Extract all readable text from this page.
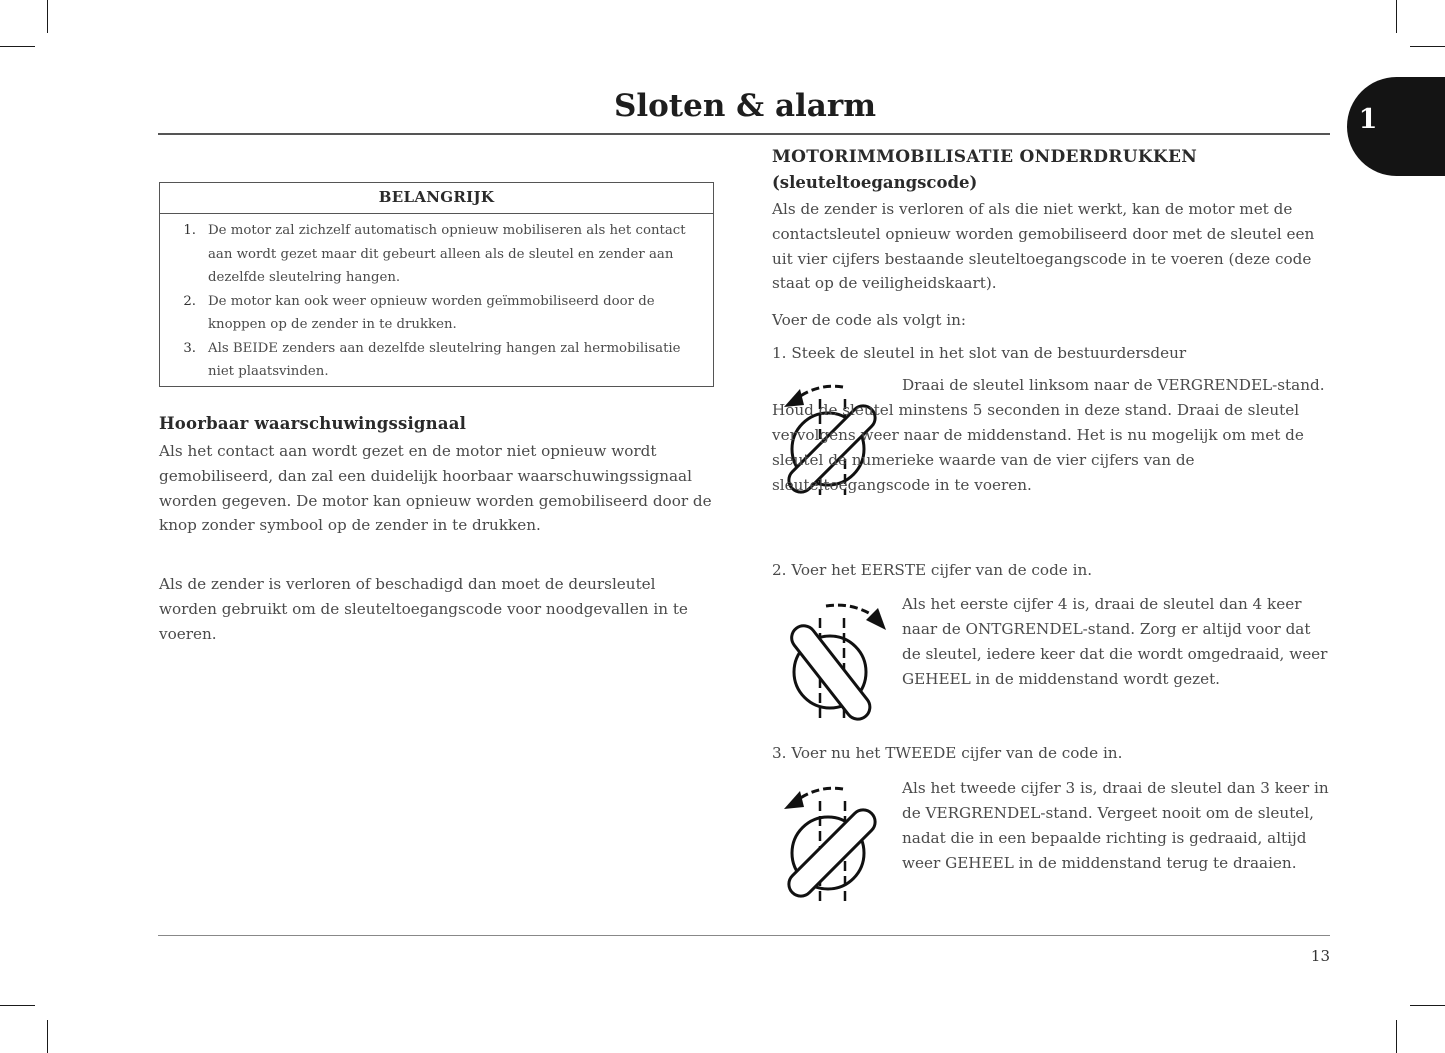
Sloten & alarm	1
BELANGRIJK
1. De motor zal zichzelf automatisch opnieuw mobiliseren als het contact aan wordt gezet maar dit gebeurt alleen als de sleutel en zender aan dezelfde sleutelring hangen.
2. De motor kan ook weer opnieuw worden geïmmobiliseerd door de knoppen op de zender in te drukken.
3. Als BEIDE zenders aan dezelfde sleutelring hangen zal hermobilisatie niet plaatsvinden.
Hoorbaar waarschuwingssignaal

Als het contact aan wordt gezet en de motor niet opnieuw wordt gemobiliseerd, dan zal een duidelijk hoorbaar waarschuwingssignaal worden gegeven. De motor kan opnieuw worden gemobiliseerd door de knop zonder symbool op de zender in te drukken.

Als de zender is verloren of beschadigd dan moet de deursleutel worden gebruikt om de sleuteltoegangscode voor noodgevallen in te voeren.

MOTORIMMOBILISATIE ONDERDRUKKEN
(sleuteltoegangscode)

Als de zender is verloren of als die niet werkt, kan de motor met de contactsleutel opnieuw worden gemobiliseerd door met de sleutel een uit vier cijfers bestaande sleuteltoegangscode in te voeren (deze code staat op de veiligheidskaart).

Voer de code als volgt in:

1. Steek de sleutel in het slot van de bestuurdersdeur

Draai de sleutel linksom naar de VERGRENDEL-stand. Houd de sleutel minstens 5 seconden in deze stand. Draai de sleutel vervolgens weer naar de middenstand. Het is nu mogelijk om met de sleutel de numerieke waarde van de vier cijfers van de sleuteltoegangscode in te voeren.

2. Voer het EERSTE cijfer van de code in.

Als het eerste cijfer 4 is, draai de sleutel dan 4 keer naar de ONTGRENDEL-stand. Zorg er altijd voor dat de sleutel, iedere keer dat die wordt omgedraaid, weer GEHEEL in de middenstand wordt gezet.

3. Voer nu het TWEEDE cijfer van de code in.

Als het tweede cijfer 3 is, draai de sleutel dan 3 keer in de VERGRENDEL-stand. Vergeet nooit om de sleutel, nadat die in een bepaalde richting is gedraaid, altijd weer GEHEEL in de middenstand terug te draaien.

13
